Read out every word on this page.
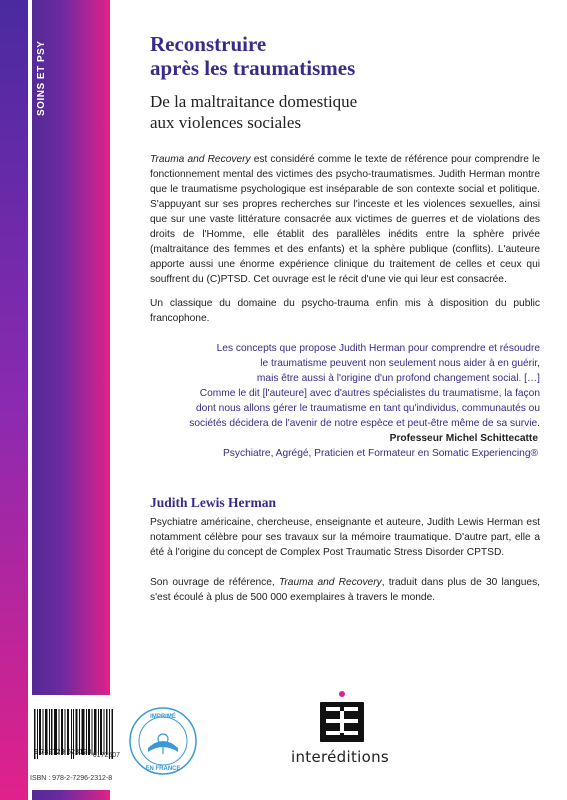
SOINS ET PSY	Reconstruire
après les traumatismes
De la maltraitance domestique
aux violences sociales
Trauma and Recovery est considéré comme le texte de référence pour comprendre le fonctionnement mental des victimes des psycho-traumatismes. Judith Herman montre que le traumatisme psychologique est inséparable de son contexte social et politique. S'appuyant sur ses propres recherches sur l'inceste et les violences sexuelles, ainsi que sur une vaste littérature consacrée aux victimes de guerres et de violations des droits de l'Homme, elle établit des parallèles inédits entre la sphère privée (maltraitance des femmes et des enfants) et la sphère publique (conflits). L'auteure apporte aussi une énorme expérience clinique du traitement de celles et ceux qui souffrent du (C)PTSD. Cet ouvrage est le récit d'une vie qui leur est consacrée.
Un classique du domaine du psycho-trauma enfin mis à disposition du public francophone.
Les concepts que propose Judith Herman pour comprendre et résoudre
le traumatisme peuvent non seulement nous aider à en guérir,
mais être aussi à l'origine d'un profond changement social. […]
Comme le dit [l'auteure] avec d'autres spécialistes du traumatisme, la façon
dont nous allons gérer le traumatisme en tant qu'individus, communautés ou
sociétés décidera de l'avenir de notre espèce et peut-être même de sa survie.
Professeur Michel Schittecatte
Psychiatre, Agrégé, Praticien et Formateur en Somatic Experiencing®
Judith Lewis Herman
Psychiatre américaine, chercheuse, enseignante et auteure, Judith Lewis Herman est notamment célèbre pour ses travaux sur la mémoire traumatique. D'autre part, elle a été à l'origine du concept de Complex Post Traumatic Stress Disorder CPTSD.
Son ouvrage de référence, Trauma and Recovery, traduit dans plus de 30 langues, s'est écoulé à plus de 500 000 exemplaires à travers le monde.
9 782729 623128 6172507
ISBN : 978-2-7296-2312-8
IMPRIMÉ
EN FRANCE
interéditions
